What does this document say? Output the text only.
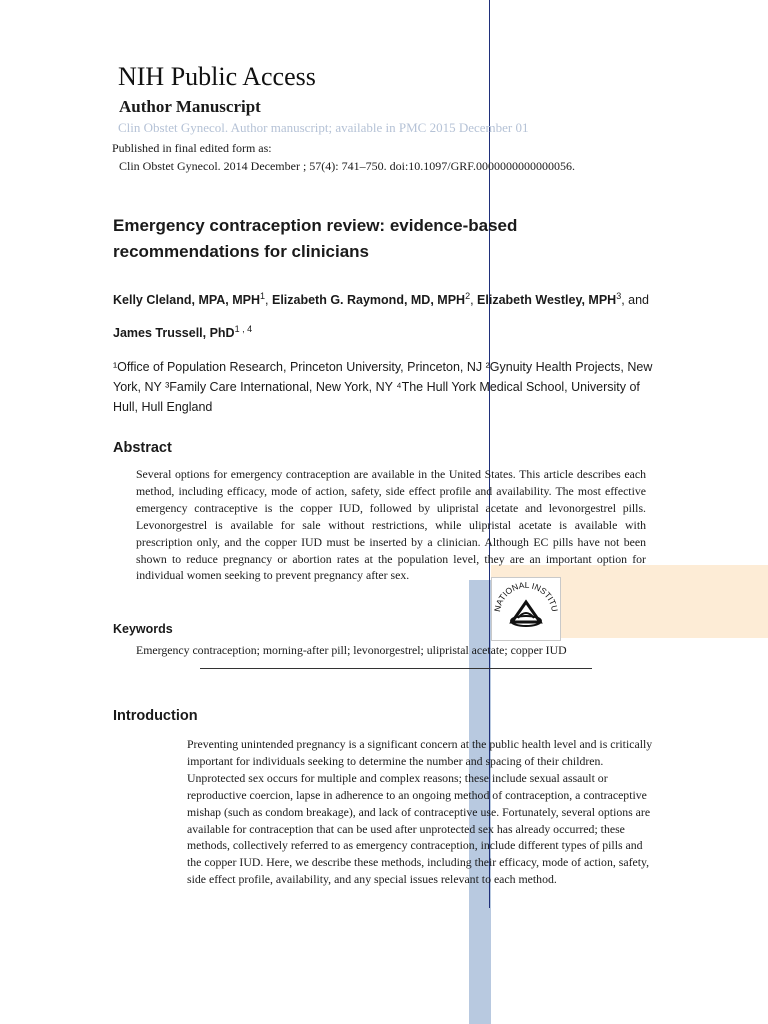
NATIONAL INSTITU
NIH Public Access
Author Manuscript
Clin Obstet Gynecol. Author manuscript; available in PMC 2015 December 01
Published in final edited form as:
Clin Obstet Gynecol. 2014 December ; 57(4): 741–750. doi:10.1097/GRF.0000000000000056.
Emergency contraception review: evidence-based recommendations for clinicians
Kelly Cleland, MPA, MPH$^1$, Elizabeth G. Raymond, MD, MPH$^2$, Elizabeth Westley, MPH$^3$, and
James Trussell, PhD$^{1 , 4}$
¹Office of Population Research, Princeton University, Princeton, NJ ²Gynuity Health Projects, New York, NY ³Family Care International, New York, NY ⁴The Hull York Medical School, University of Hull, Hull England
Abstract
Several options for emergency contraception are available in the United States. This article describes each method, including efficacy, mode of action, safety, side effect profile and availability. The most effective emergency contraceptive is the copper IUD, followed by ulipristal acetate and levonorgestrel pills. Levonorgestrel is available for sale without restrictions, while ulipristal acetate is available with prescription only, and the copper IUD must be inserted by a clinician. Although EC pills have not been shown to reduce pregnancy or abortion rates at the population level, they are an important option for individual women seeking to prevent pregnancy after sex.
Keywords
Emergency contraception; morning-after pill; levonorgestrel; ulipristal acetate; copper IUD
Introduction
Preventing unintended pregnancy is a significant concern at the public health level and is critically important for individuals seeking to determine the number and spacing of their children. Unprotected sex occurs for multiple and complex reasons; these include sexual assault or reproductive coercion, lapse in adherence to an ongoing method of contraception, a contraceptive mishap (such as condom breakage), and lack of contraceptive use. Fortunately, several options are available for contraception that can be used after unprotected sex has already occurred; these methods, collectively referred to as emergency contraception, include different types of pills and the copper IUD. Here, we describe these methods, including their efficacy, mode of action, safety, side effect profile, availability, and any special issues relevant to each method.
